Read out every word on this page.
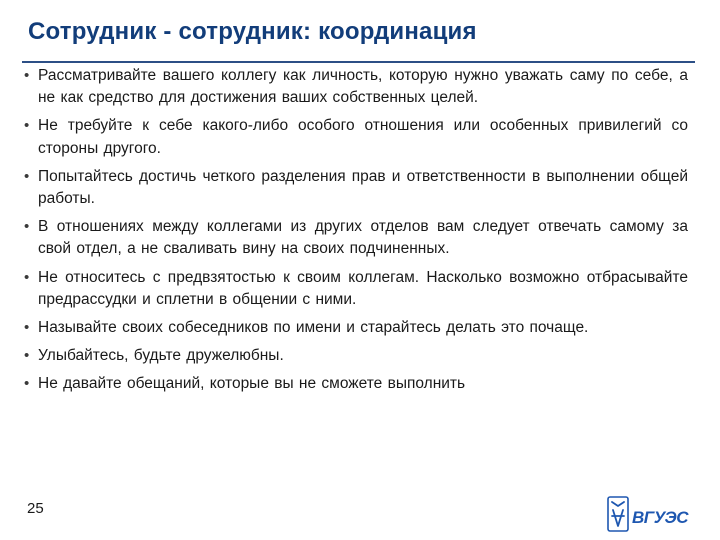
Сотрудник - сотрудник: координация
• Рассматривайте вашего коллегу как личность, которую нужно уважать саму по себе, а не как средство для достижения ваших собственных целей.
• Не требуйте к себе какого-либо особого отношения или особенных привилегий со стороны другого.
• Попытайтесь достичь четкого разделения прав и ответственности в выполнении общей работы.
• В отношениях между коллегами из других отделов вам следует отвечать самому за свой отдел, а не сваливать вину на своих подчиненных.
• Не относитесь с предвзятостью к своим коллегам. Насколько возможно отбрасывайте предрассудки и сплетни в общении с ними.
• Называйте своих собеседников по имени и старайтесь делать это почаще.
• Улыбайтесь, будьте дружелюбны.
• Не давайте обещаний, которые вы не сможете выполнить
25	ВГУЭС
